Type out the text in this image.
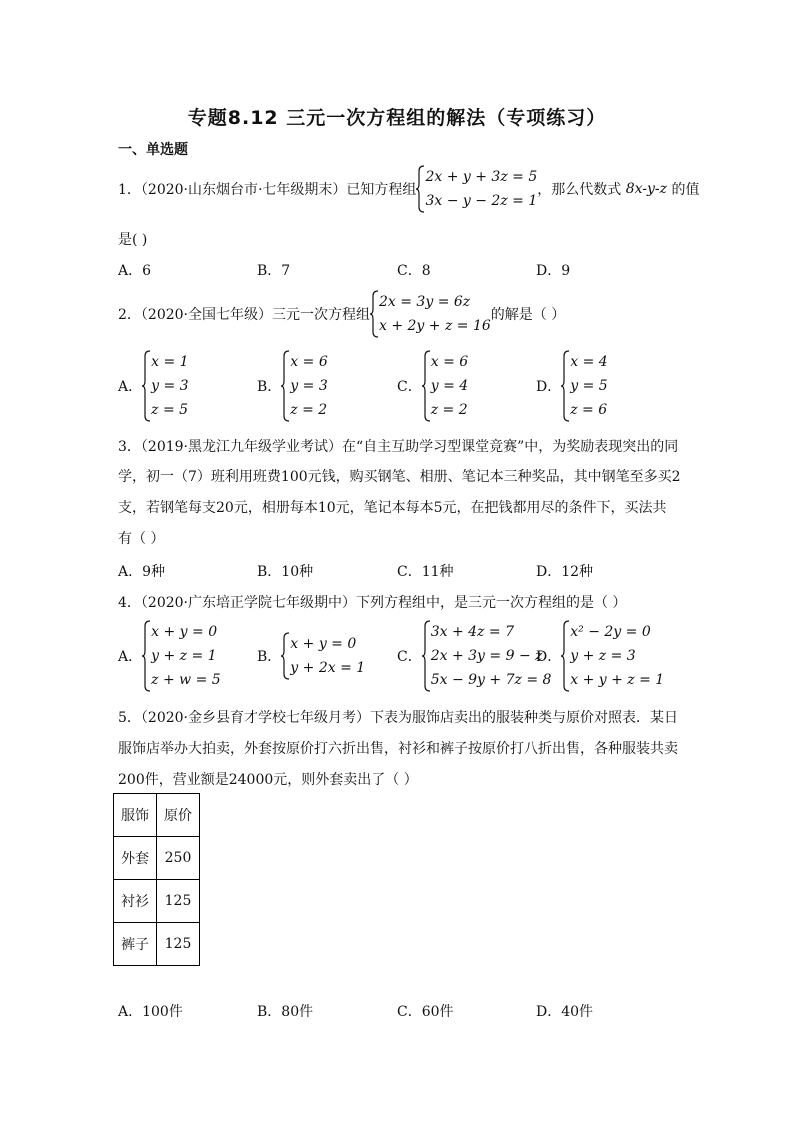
专题8.12 三元一次方程组的解法（专项练习）
一、单选题
1．（2020·山东烟台市·七年级期末）已知方程组
2x + y + 3z = 5
3x − y − 2z = 1
，那么代数式 8x-y-z 的值
是( )
A．6	B．7	C．8	D．9
2．（2020·全国七年级）三元一次方程组
2x = 3y = 6z
x + 2y + z = 16
的解是（ ）
A．
x = 1
y = 3
z = 5
B．
x = 6
y = 3
z = 2
C．
x = 6
y = 4
z = 2
D．
x = 4
y = 5
z = 6
3．（2019·黑龙江九年级学业考试）在“自主互助学习型课堂竞赛”中，为奖励表现突出的同
学，初一（7）班利用班费100元钱，购买钢笔、相册、笔记本三种奖品，其中钢笔至多买2
支，若钢笔每支20元，相册每本10元，笔记本每本5元，在把钱都用尽的条件下，买法共
有（ ）
A．9种	B．10种	C．11种	D．12种
4．（2020·广东培正学院七年级期中）下列方程组中，是三元一次方程组的是（ ）
A．
x + y = 0
y + z = 1
z + w = 5
B．
x + y = 0
y + 2x = 1
C．
3x + 4z = 7
2x + 3y = 9 − z
5x − 9y + 7z = 8
D．
x² − 2y = 0
y + z = 3
x + y + z = 1
5．（2020·金乡县育才学校七年级月考）下表为服饰店卖出的服装种类与原价对照表．某日
服饰店举办大拍卖，外套按原价打六折出售，衬衫和裤子按原价打八折出售，各种服装共卖
200件，营业额是24000元，则外套卖出了（ ）
服饰	原价
外套	250
衬衫	125
裤子	125
A．100件	B．80件	C．60件	D．40件
